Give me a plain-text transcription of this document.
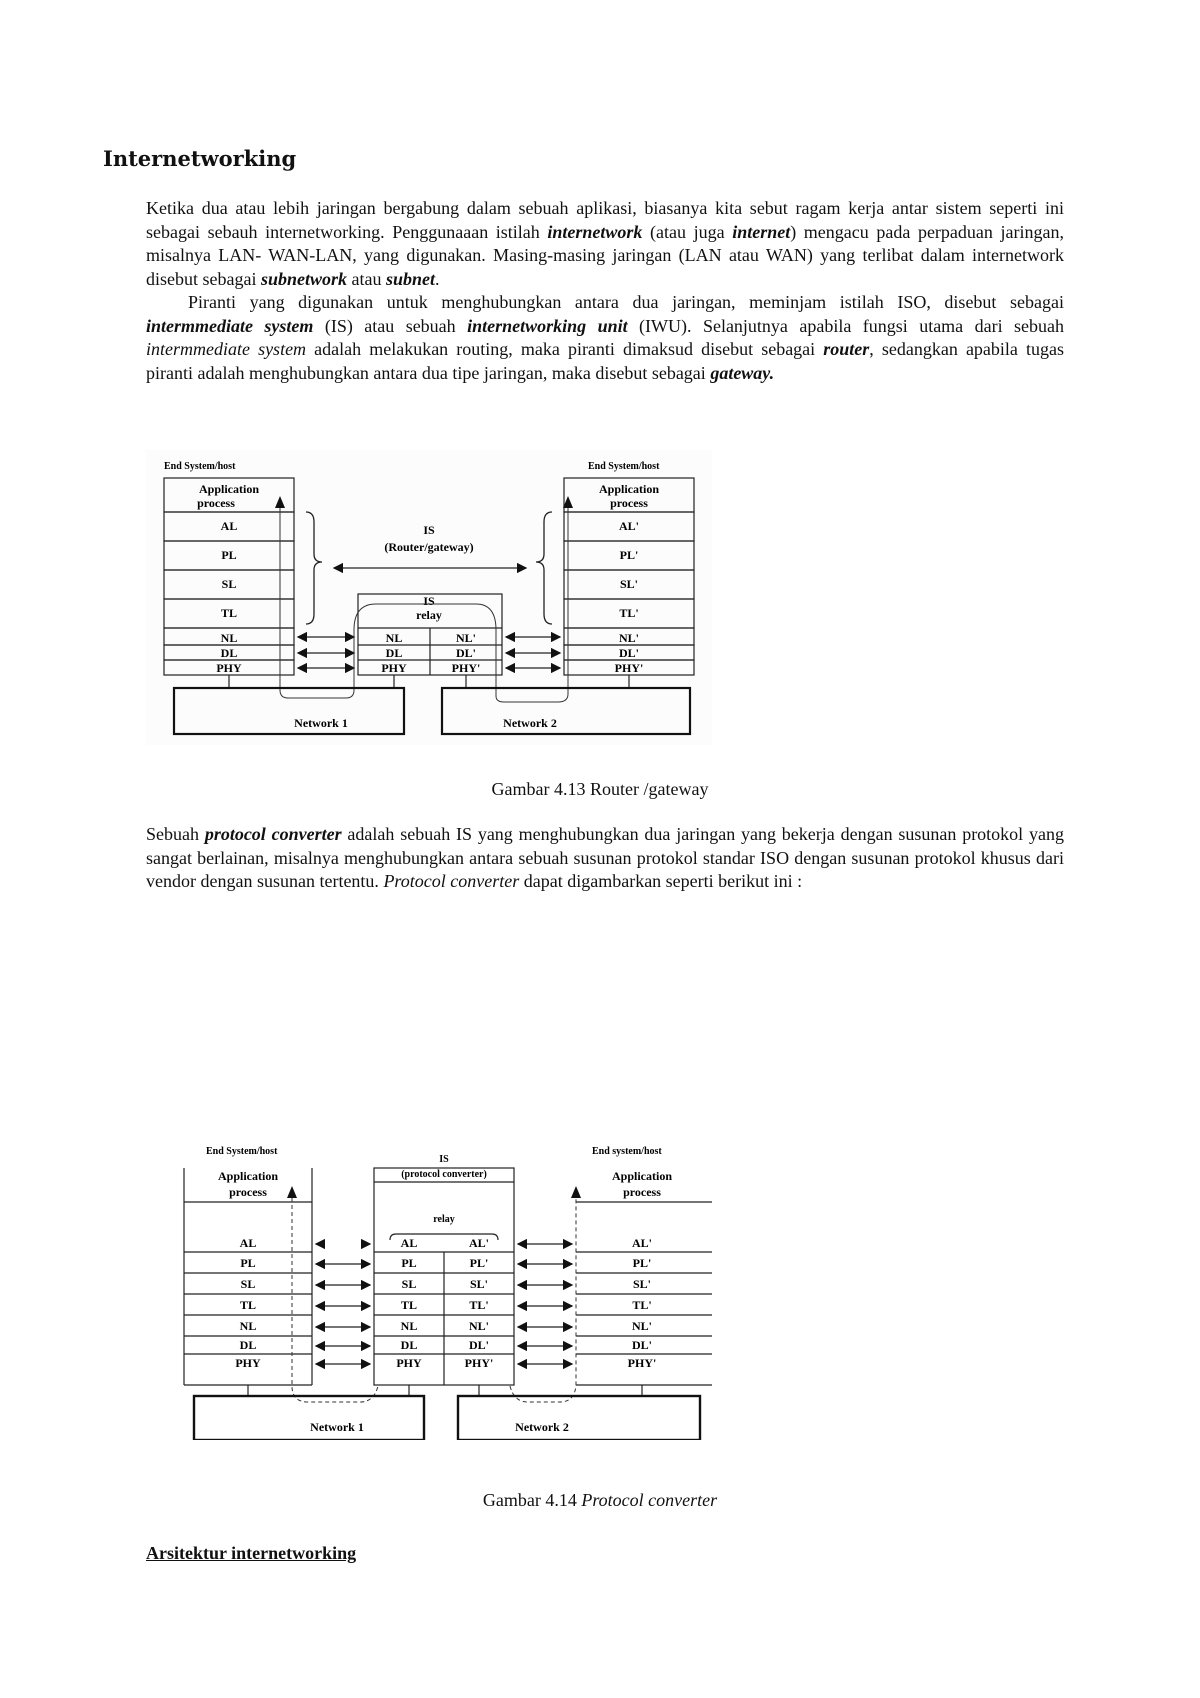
Internetworking

Ketika dua atau lebih jaringan bergabung dalam sebuah aplikasi, biasanya kita sebut ragam kerja antar sistem seperti ini sebagai sebauh internetworking. Penggunaaan istilah internetwork (atau juga internet) mengacu pada perpaduan jaringan, misalnya LAN- WAN-LAN, yang digunakan. Masing-masing jaringan (LAN atau WAN) yang terlibat dalam internetwork disebut sebagai subnetwork atau subnet.

Piranti yang digunakan untuk menghubungkan antara dua jaringan, meminjam istilah ISO, disebut sebagai intermmediate system (IS) atau sebuah internetworking unit (IWU). Selanjutnya apabila fungsi utama dari sebuah intermmediate system adalah melakukan routing, maka piranti dimaksud disebut sebagai router, sedangkan apabila tugas piranti adalah menghubungkan antara dua tipe jaringan, maka disebut sebagai gateway.

End System/host	End System/host
Application
process
AL
PL
SL
TL
NL
DL
PHY
Application
process
AL'
PL'
SL'
TL'
NL'
DL'
PHY'
IS
(Router/gateway)
IS
relay
NL
DL
PHY
NL'
DL'
PHY'
Network 1	Network 2

Gambar 4.13 Router /gateway

Sebuah protocol converter adalah sebuah IS yang menghubungkan dua jaringan yang bekerja dengan susunan protokol yang sangat berlainan, misalnya menghubungkan antara sebuah susunan protokol standar ISO dengan susunan protokol khusus dari vendor dengan susunan tertentu. Protocol converter dapat digambarkan seperti berikut ini :

End System/host	End system/host
Application
process
AL
PL
SL
TL
NL
DL
PHY
IS
(protocol converter)
relay
AL
PL
SL
TL
NL
DL
PHY
AL'
PL'
SL'
TL'
NL'
DL'
PHY'
Application
process
AL'
PL'
SL'
TL'
NL'
DL'
PHY'
Network 1	Network 2

Gambar 4.14 Protocol converter

Arsitektur internetworking
